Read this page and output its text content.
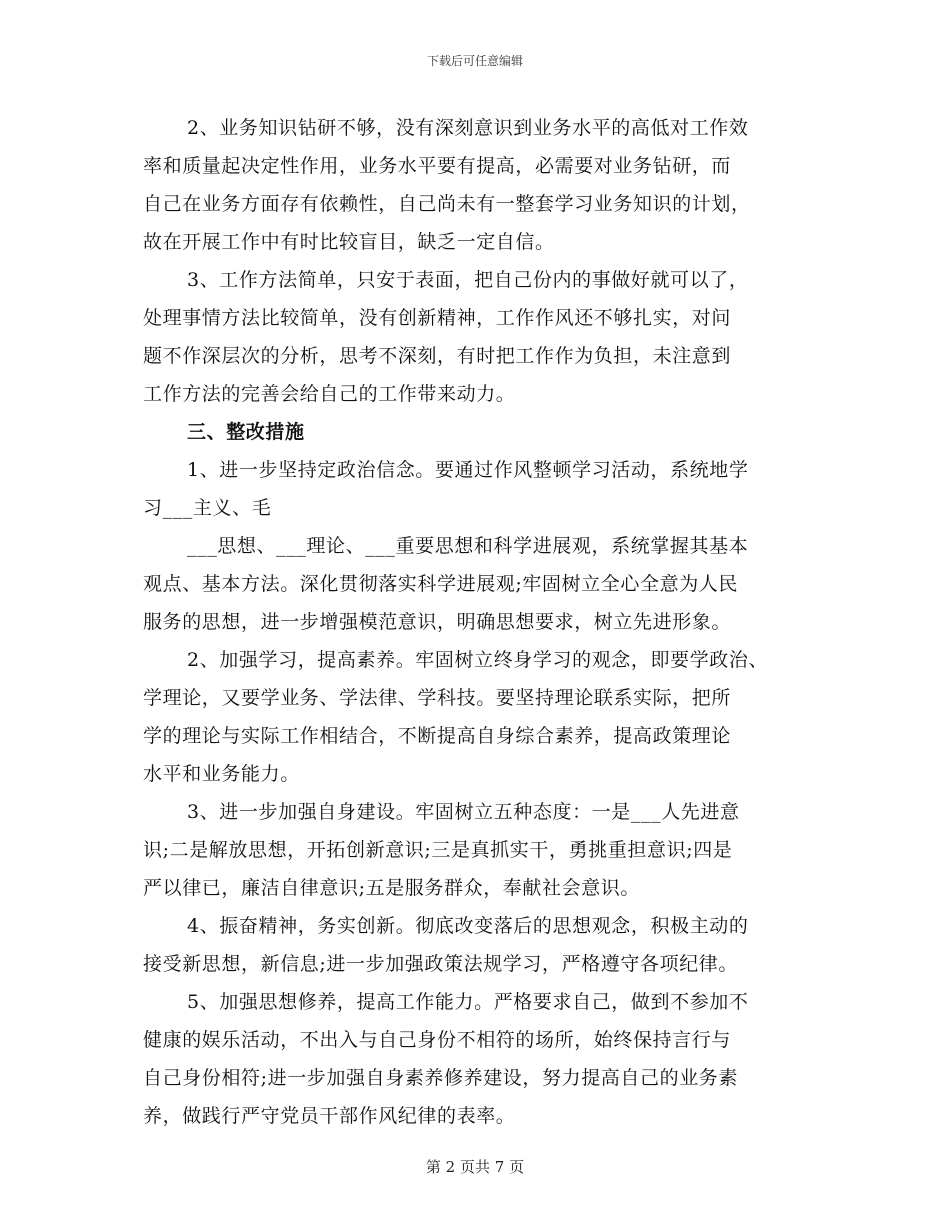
下载后可任意编辑
2、业务知识钻研不够，没有深刻意识到业务水平的高低对工作效
率和质量起决定性作用，业务水平要有提高，必需要对业务钻研，而
自己在业务方面存有依赖性，自己尚未有一整套学习业务知识的计划，
故在开展工作中有时比较盲目，缺乏一定自信。
3、工作方法简单，只安于表面，把自己份内的事做好就可以了，
处理事情方法比较简单，没有创新精神，工作作风还不够扎实，对问
题不作深层次的分析，思考不深刻，有时把工作作为负担，未注意到
工作方法的完善会给自己的工作带来动力。
三、整改措施
1、进一步坚持定政治信念。要通过作风整顿学习活动，系统地学
习___主义、毛
___思想、___理论、___重要思想和科学进展观，系统掌握其基本
观点、基本方法。深化贯彻落实科学进展观;牢固树立全心全意为人民
服务的思想，进一步增强模范意识，明确思想要求，树立先进形象。
2、加强学习，提高素养。牢固树立终身学习的观念，即要学政治、
学理论，又要学业务、学法律、学科技。要坚持理论联系实际，把所
学的理论与实际工作相结合，不断提高自身综合素养，提高政策理论
水平和业务能力。
3、进一步加强自身建设。牢固树立五种态度：一是___人先进意
识;二是解放思想，开拓创新意识;三是真抓实干，勇挑重担意识;四是
严以律已，廉洁自律意识;五是服务群众，奉献社会意识。
4、振奋精神，务实创新。彻底改变落后的思想观念，积极主动的
接受新思想，新信息;进一步加强政策法规学习，严格遵守各项纪律。
5、加强思想修养，提高工作能力。严格要求自己，做到不参加不
健康的娱乐活动，不出入与自己身份不相符的场所，始终保持言行与
自己身份相符;进一步加强自身素养修养建设，努力提高自己的业务素
养，做践行严守党员干部作风纪律的表率。
第 2 页共 7 页
